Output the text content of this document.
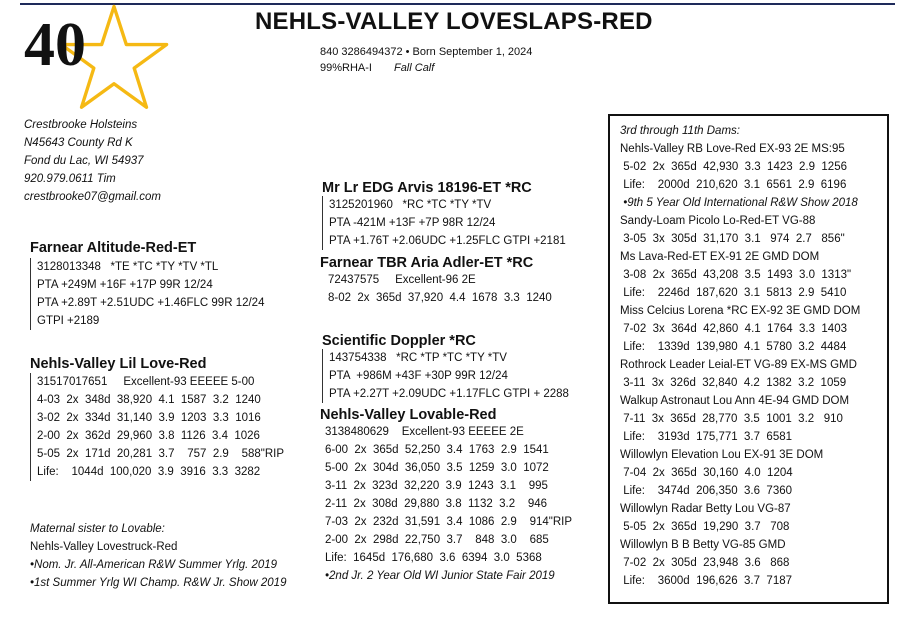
40	NEHLS-VALLEY LOVESLAPS-RED
840 3286494372 • Born September 1, 2024
99%RHA-I Fall Calf
Crestbrooke Holsteins
N45643 County Rd K
Fond du Lac, WI 54937
920.979.0611 Tim
crestbrooke07@gmail.com
Farnear Altitude-Red-ET
3128013348   *TE *TC *TY *TV *TL
PTA +249M +16F +17P 99R 12/24
PTA +2.89T +2.51UDC +1.46FLC 99R 12/24
GTPI +2189
Nehls-Valley Lil Love-Red
31517017651     Excellent-93 EEEEE 5-00
4-03  2x  348d  38,920  4.1  1587  3.2  1240
3-02  2x  334d  31,140  3.9  1203  3.3  1016
2-00  2x  362d  29,960  3.8  1126  3.4  1026
5-05  2x  171d  20,281  3.7    757  2.9    588"RIP
Life:    1044d  100,020  3.9  3916  3.3  3282
Maternal sister to Lovable:
Nehls-Valley Lovestruck-Red
•Nom. Jr. All-American R&W Summer Yrlg. 2019
•1st Summer Yrlg WI Champ. R&W Jr. Show 2019
Mr Lr EDG Arvis 18196-ET *RC
3125201960   *RC *TC *TY *TV
PTA -421M +13F +7P 98R 12/24
PTA +1.76T +2.06UDC +1.25FLC GTPI +2181
Farnear TBR Aria Adler-ET *RC
72437575     Excellent-96 2E
8-02  2x  365d  37,920  4.4  1678  3.3  1240
Scientific Doppler *RC
143754338   *RC *TP *TC *TY *TV
PTA  +986M +43F +30P 99R 12/24
PTA +2.27T +2.09UDC +1.17FLC GTPI + 2288
Nehls-Valley Lovable-Red
3138480629    Excellent-93 EEEEE 2E
6-00  2x  365d  52,250  3.4  1763  2.9  1541
5-00  2x  304d  36,050  3.5  1259  3.0  1072
3-11  2x  323d  32,220  3.9  1243  3.1    995
2-11  2x  308d  29,880  3.8  1132  3.2    946
7-03  2x  232d  31,591  3.4  1086  2.9    914"RIP
2-00  2x  298d  22,750  3.7    848  3.0    685
Life:  1645d  176,680  3.6  6394  3.0  5368
•2nd Jr. 2 Year Old WI Junior State Fair 2019
3rd through 11th Dams:
Nehls-Valley RB Love-Red EX-93 2E MS:95
5-02  2x  365d  42,930  3.3  1423  2.9  1256
Life:    2000d  210,620  3.1  6561  2.9  6196
•9th 5 Year Old International R&W Show 2018
Sandy-Loam Picolo Lo-Red-ET VG-88
3-05  3x  305d  31,170  3.1   974  2.7   856"
Ms Lava-Red-ET EX-91 2E GMD DOM
3-08  2x  365d  43,208  3.5  1493  3.0  1313"
Life:    2246d  187,620  3.1  5813  2.9  5410
Miss Celcius Lorena *RC EX-92 3E GMD DOM
7-02  3x  364d  42,860  4.1  1764  3.3  1403
Life:    1339d  139,980  4.1  5780  3.2  4484
Rothrock Leader Leial-ET VG-89 EX-MS GMD
3-11  3x  326d  32,840  4.2  1382  3.2  1059
Walkup Astronaut Lou Ann 4E-94 GMD DOM
7-11  3x  365d  28,770  3.5  1001  3.2   910
Life:    3193d  175,771  3.7  6581
Willowlyn Elevation Lou EX-91 3E DOM
7-04  2x  365d  30,160  4.0  1204
Life:    3474d  206,350  3.6  7360
Willowlyn Radar Betty Lou VG-87
5-05  2x  365d  19,290  3.7   708
Willowlyn B B Betty VG-85 GMD
7-02  2x  305d  23,948  3.6   868
Life:    3600d  196,626  3.7  7187
